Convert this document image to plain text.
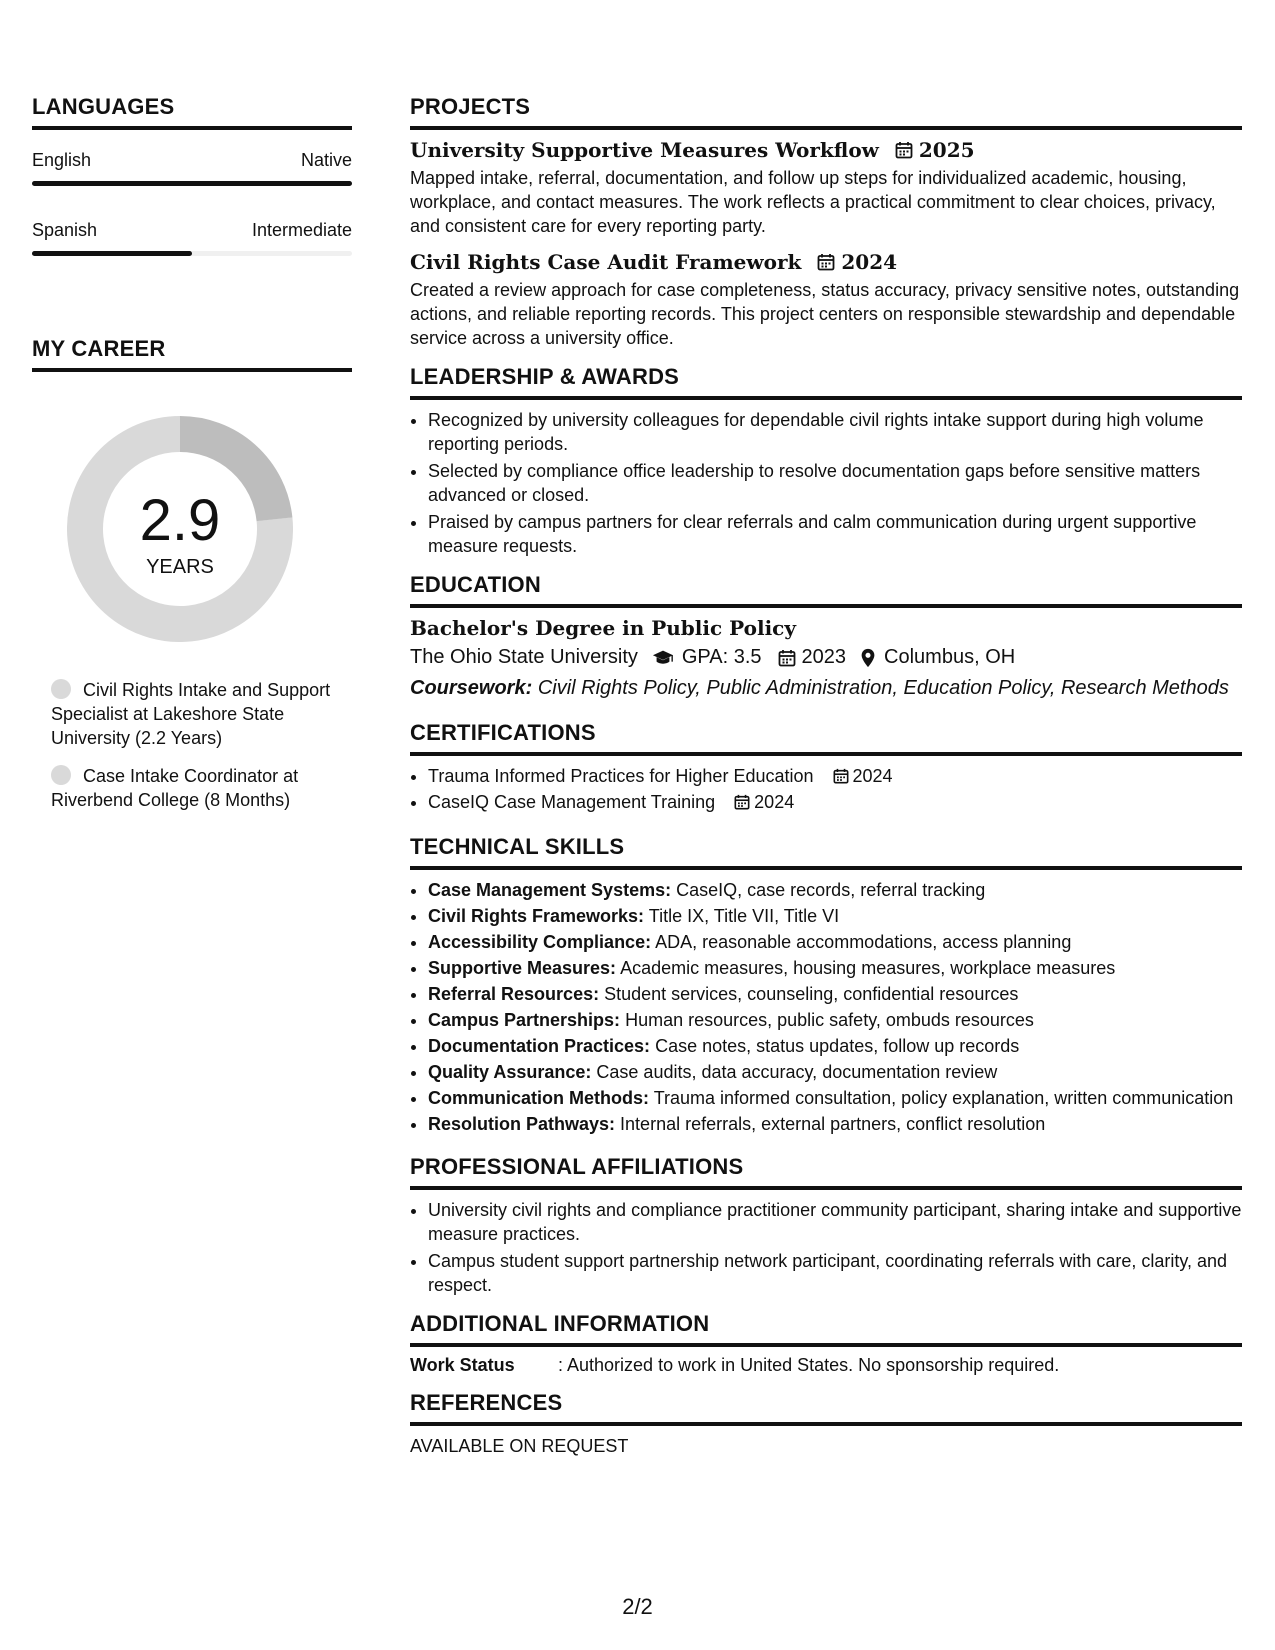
LANGUAGES
English	Native
Spanish	Intermediate
MY CAREER
2.9
YEARS
Civil Rights Intake and Support Specialist at Lakeshore State University (2.2 Years)
Case Intake Coordinator at Riverbend College (8 Months)
PROJECTS
University Supportive Measures Workflow 2025

Mapped intake, referral, documentation, and follow up steps for individualized academic, housing, workplace, and contact measures. The work reflects a practical commitment to clear choices, privacy, and consistent care for every reporting party.

Civil Rights Case Audit Framework 2024

Created a review approach for case completeness, status accuracy, privacy sensitive notes, outstanding actions, and reliable reporting records. This project centers on responsible stewardship and dependable service across a university office.

LEADERSHIP & AWARDS
• Recognized by university colleagues for dependable civil rights intake support during high volume reporting periods.
• Selected by compliance office leadership to resolve documentation gaps before sensitive matters advanced or closed.
• Praised by campus partners for clear referrals and calm communication during urgent supportive measure requests.
EDUCATION
Bachelor's Degree in Public Policy
The Ohio State University GPA: 3.5 2023 Columbus, OH
Coursework: Civil Rights Policy, Public Administration, Education Policy, Research Methods
CERTIFICATIONS
• Trauma Informed Practices for Higher Education 2024
• CaseIQ Case Management Training 2024
TECHNICAL SKILLS
• Case Management Systems: CaseIQ, case records, referral tracking
• Civil Rights Frameworks: Title IX, Title VII, Title VI
• Accessibility Compliance: ADA, reasonable accommodations, access planning
• Supportive Measures: Academic measures, housing measures, workplace measures
• Referral Resources: Student services, counseling, confidential resources
• Campus Partnerships: Human resources, public safety, ombuds resources
• Documentation Practices: Case notes, status updates, follow up records
• Quality Assurance: Case audits, data accuracy, documentation review
• Communication Methods: Trauma informed consultation, policy explanation, written communication
• Resolution Pathways: Internal referrals, external partners, conflict resolution
PROFESSIONAL AFFILIATIONS
• University civil rights and compliance practitioner community participant, sharing intake and supportive measure practices.
• Campus student support partnership network participant, coordinating referrals with care, clarity, and respect.
ADDITIONAL INFORMATION
Work Status	: Authorized to work in United States. No sponsorship required.
REFERENCES
AVAILABLE ON REQUEST
2/2
